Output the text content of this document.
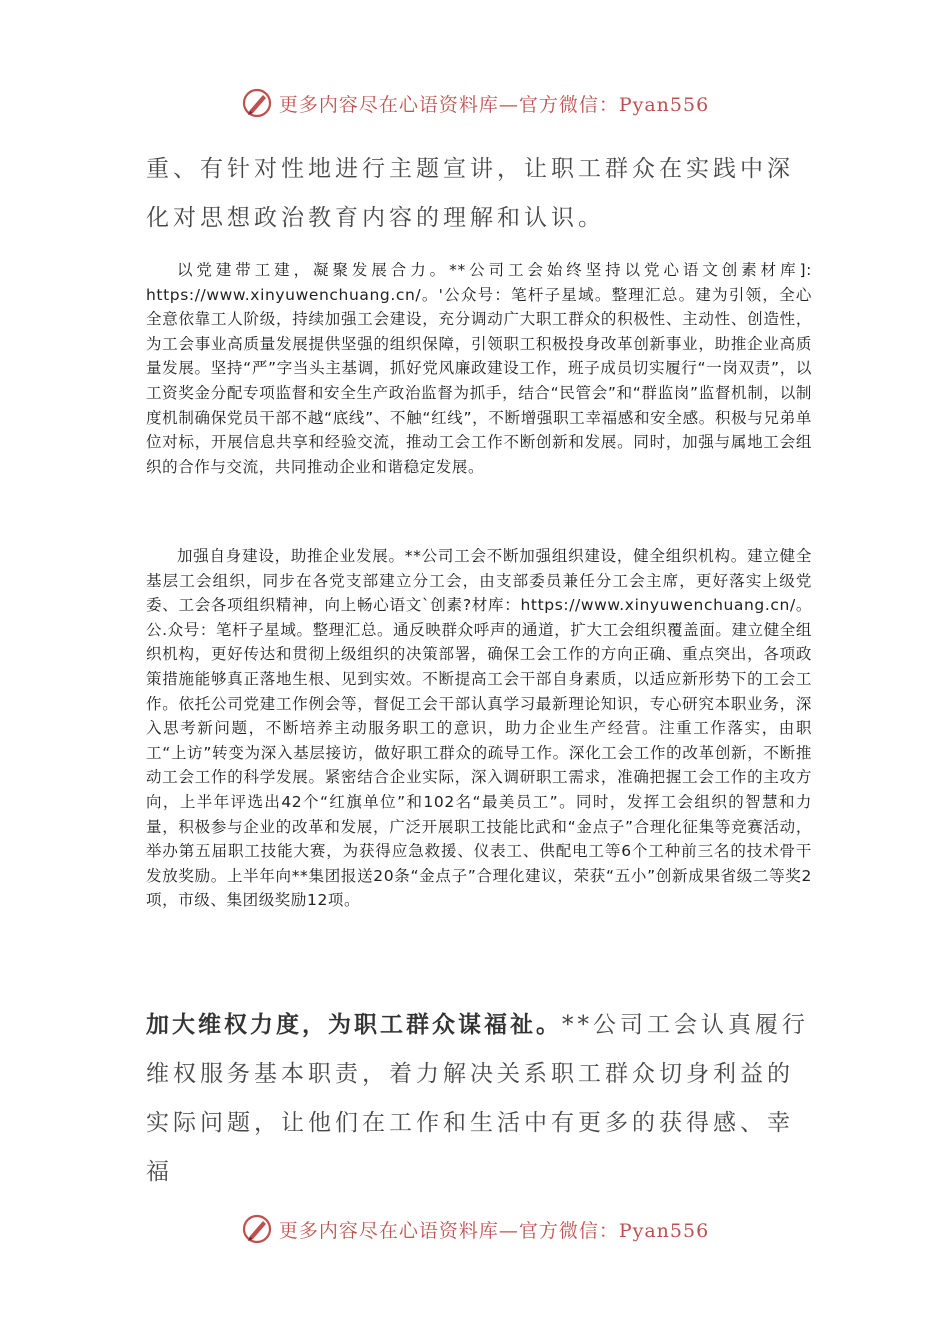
更多内容尽在心语资料库—官方微信：Pyan556

重、有针对性地进行主题宣讲，让职工群众在实践中深化对思想政治教育内容的理解和认识。

以党建带工建，凝聚发展合力。**公司工会始终坚持以党心语文创素材库]: https://www.xinyuwenchuang.cn/。'公众号：笔杆子星域。整理汇总。建为引领，全心全意依靠工人阶级，持续加强工会建设，充分调动广大职工群众的积极性、主动性、创造性，为工会事业高质量发展提供坚强的组织保障，引领职工积极投身改革创新事业，助推企业高质量发展。坚持“严”字当头主基调，抓好党风廉政建设工作，班子成员切实履行“一岗双责”，以工资奖金分配专项监督和安全生产政治监督为抓手，结合“民管会”和“群监岗”监督机制，以制度机制确保党员干部不越“底线”、不触“红线”，不断增强职工幸福感和安全感。积极与兄弟单位对标，开展信息共享和经验交流，推动工会工作不断创新和发展。同时，加强与属地工会组织的合作与交流，共同推动企业和谐稳定发展。

加强自身建设，助推企业发展。**公司工会不断加强组织建设，健全组织机构。建立健全基层工会组织，同步在各党支部建立分工会，由支部委员兼任分工会主席，更好落实上级党委、工会各项组织精神，向上畅心语文`创素?材库：https://www.xinyuwenchuang.cn/。公.众号：笔杆子星域。整理汇总。通反映群众呼声的通道，扩大工会组织覆盖面。建立健全组织机构，更好传达和贯彻上级组织的决策部署，确保工会工作的方向正确、重点突出，各项政策措施能够真正落地生根、见到实效。不断提高工会干部自身素质，以适应新形势下的工会工作。依托公司党建工作例会等，督促工会干部认真学习最新理论知识，专心研究本职业务，深入思考新问题，不断培养主动服务职工的意识，助力企业生产经营。注重工作落实，由职工“上访”转变为深入基层接访，做好职工群众的疏导工作。深化工会工作的改革创新，不断推动工会工作的科学发展。紧密结合企业实际，深入调研职工需求，准确把握工会工作的主攻方向，上半年评选出42个“红旗单位”和102名“最美员工”。同时，发挥工会组织的智慧和力量，积极参与企业的改革和发展，广泛开展职工技能比武和“金点子”合理化征集等竞赛活动，举办第五届职工技能大赛，为获得应急救援、仪表工、供配电工等6个工种前三名的技术骨干发放奖励。上半年向**集团报送20条“金点子”合理化建议，荣获“五小”创新成果省级二等奖2项，市级、集团级奖励12项。

加大维权力度，为职工群众谋福祉。**公司工会认真履行维权服务基本职责，着力解决关系职工群众切身利益的实际问题，让他们在工作和生活中有更多的获得感、幸福

更多内容尽在心语资料库—官方微信：Pyan556
